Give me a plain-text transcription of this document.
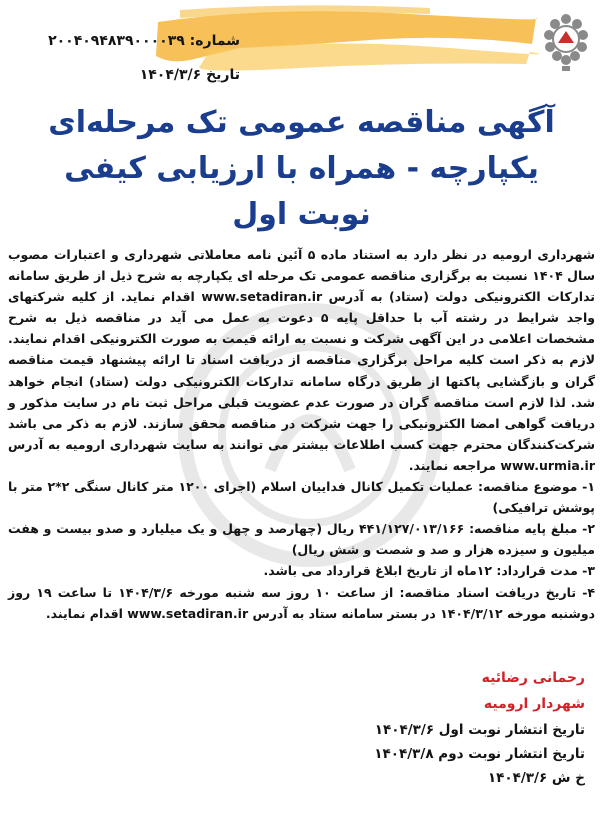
شماره: ۲۰۰۴۰۹۴۸۳۹۰۰۰۰۳۹
تاریخ ۱۴۰۴/۳/۶
آگهی مناقصه عمومی تک مرحله‌ای
یکپارچه - همراه با ارزیابی کیفی
نوبت اول

شهرداری ارومیه در نظر دارد به استناد ماده ۵ آئین نامه معاملاتی شهرداری و اعتبارات مصوب سال ۱۴۰۴ نسبت به برگزاری مناقصه عمومی تک مرحله ای یکپارچه به شرح ذیل از طریق سامانه تدارکات الکترونیکی دولت (ستاد) به آدرس www.setadiran.ir اقدام نماید. از کلیه شرکتهای واجد شرایط در رشته آب با حداقل پایه ۵ دعوت به عمل می آید در مناقصه ذیل به شرح مشخصات اعلامی در این آگهی شرکت و نسبت به ارائه قیمت به صورت الکترونیکی اقدام نمایند. لازم به ذکر است کلیه مراحل برگزاری مناقصه از دریافت اسناد تا ارائه پیشنهاد قیمت مناقصه گران و بازگشایی پاکتها از طریق درگاه سامانه تدارکات الکترونیکی دولت (ستاد) انجام خواهد شد. لذا لازم است مناقصه گران در صورت عدم عضویت قبلی مراحل ثبت نام در سایت مذکور و دریافت گواهی امضا الکترونیکی را جهت شرکت در مناقصه محقق سازند. لازم به ذکر می باشد شرکت‌کنندگان محترم جهت کسب اطلاعات بیشتر می توانند به سایت شهرداری ارومیه به آدرس www.urmia.ir مراجعه نمایند.

۱- موضوع مناقصه: عملیات تکمیل کانال فداییان اسلام (اجرای ۱۲۰۰ متر کانال سنگی ۲*۲ متر با پوشش ترافیکی)

۲- مبلغ پایه مناقصه: ۴۴۱/۱۲۷/۰۱۳/۱۶۶ ریال (چهارصد و چهل و یک میلیارد و صدو بیست و هفت میلیون و سیزده هزار و صد و شصت و شش ریال)

۳- مدت قرارداد: ۱۲ماه از تاریخ ابلاغ قرارداد می باشد.

۴- تاریخ دریافت اسناد مناقصه: از ساعت ۱۰ روز سه شنبه مورخه ۱۴۰۴/۳/۶ تا ساعت ۱۹ روز دوشنبه مورخه ۱۴۰۴/۳/۱۲ در بستر سامانه ستاد به آدرس www.setadiran.ir اقدام نمایند.

رحمانی رضائیه
شهردار ارومیه
تاریخ انتشار نوبت اول ۱۴۰۴/۳/۶
تاریخ انتشار نوبت دوم ۱۴۰۴/۳/۸
خ ش ۱۴۰۴/۳/۶
